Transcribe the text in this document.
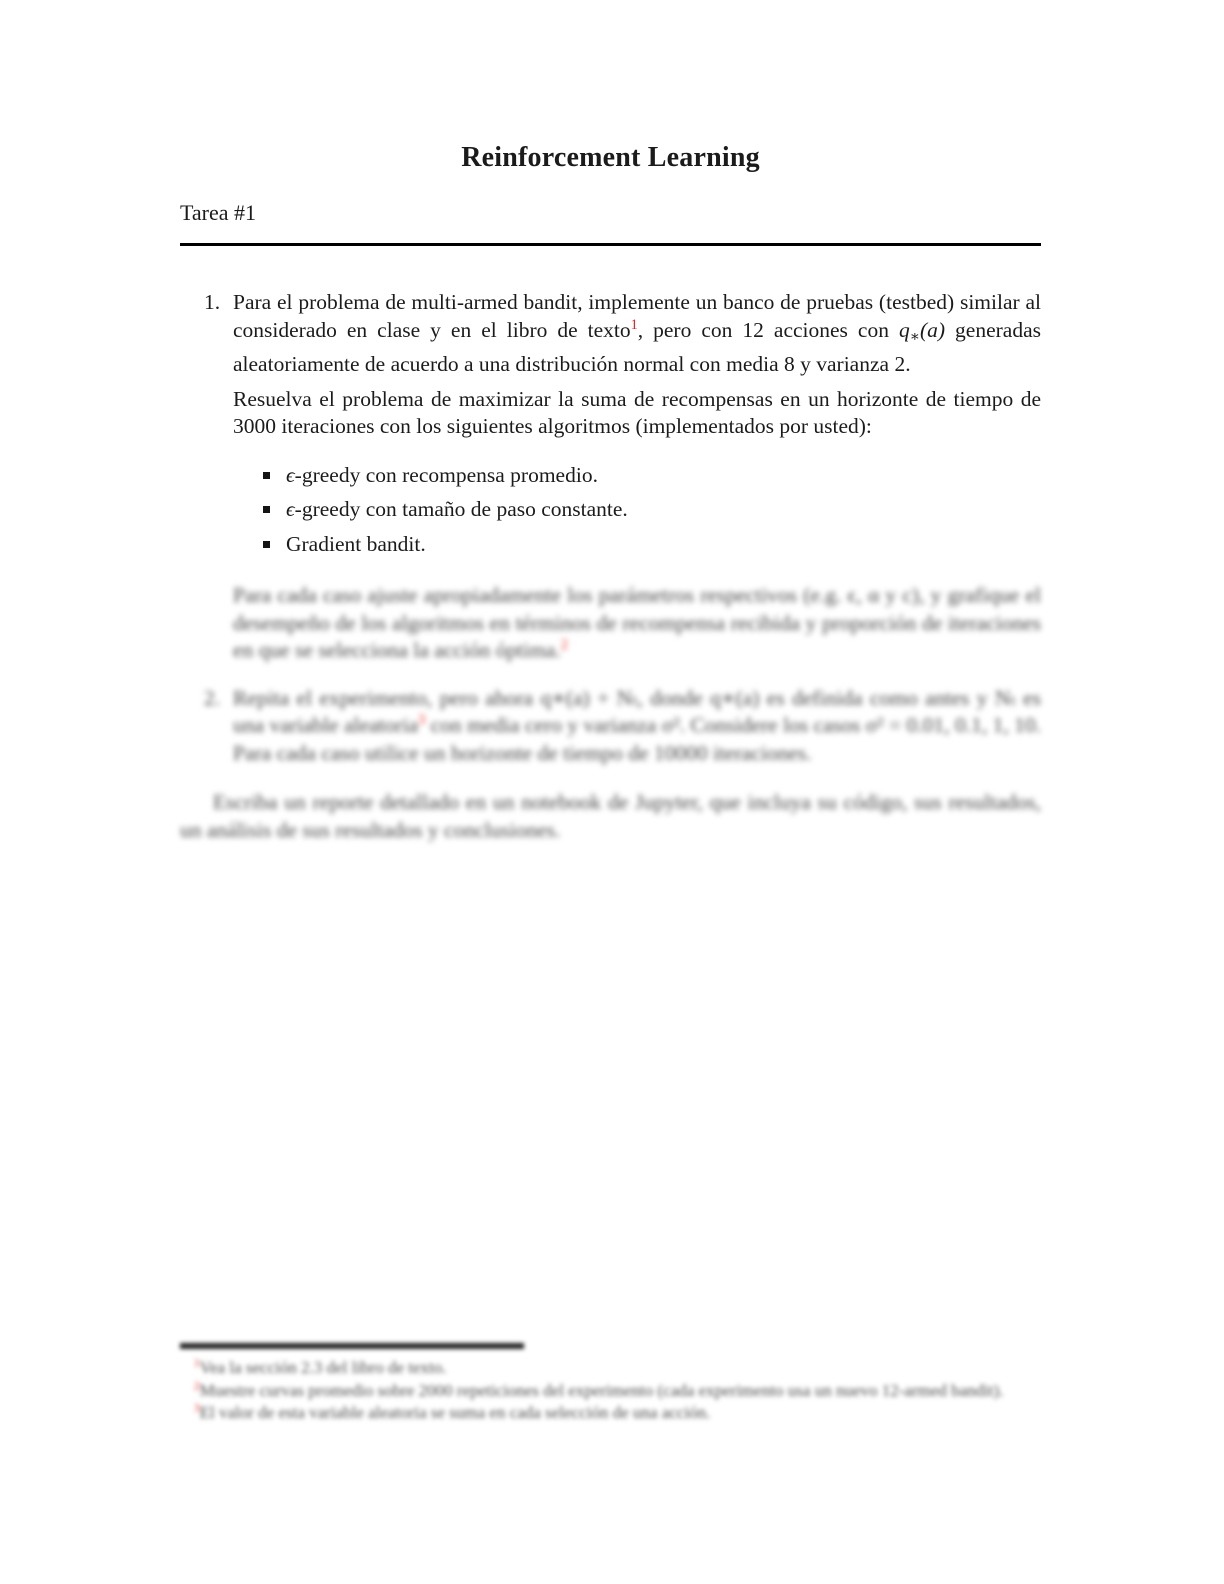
Reinforcement Learning
Tarea #1
1. Para el problema de multi-armed bandit, implemente un banco de pruebas (testbed) similar al considerado en clase y en el libro de texto$^1$, pero con 12 acciones con q∗(a) generadas aleatoriamente de acuerdo a una distribución normal con media 8 y varianza 2.

Resuelva el problema de maximizar la suma de recompensas en un horizonte de tiempo de 3000 iteraciones con los siguientes algoritmos (implementados por usted):

ϵ-greedy con recompensa promedio.
ϵ-greedy con tamaño de paso constante.
Gradient bandit.

Para cada caso ajuste apropiadamente los parámetros respectivos (e.g. ϵ, α y c), y grafique el desempeño de los algoritmos en términos de recompensa recibida y proporción de iteraciones en que se selecciona la acción óptima.$^2$

2. Repita el experimento, pero ahora q∗(a) + Nₜ, donde q∗(a) es definida como antes y Nₜ es una variable aleatoria$^3$ con media cero y varianza σ². Considere los casos σ² = 0.01, 0.1, 1, 10. Para cada caso utilice un horizonte de tiempo de 10000 iteraciones.

Escriba un reporte detallado en un notebook de Jupyter, que incluya su código, sus resultados, un análisis de sus resultados y conclusiones.

$^1$Vea la sección 2.3 del libro de texto.

$^2$Muestre curvas promedio sobre 2000 repeticiones del experimento (cada experimento usa un nuevo 12-armed bandit).

$^3$El valor de esta variable aleatoria se suma en cada selección de una acción.
